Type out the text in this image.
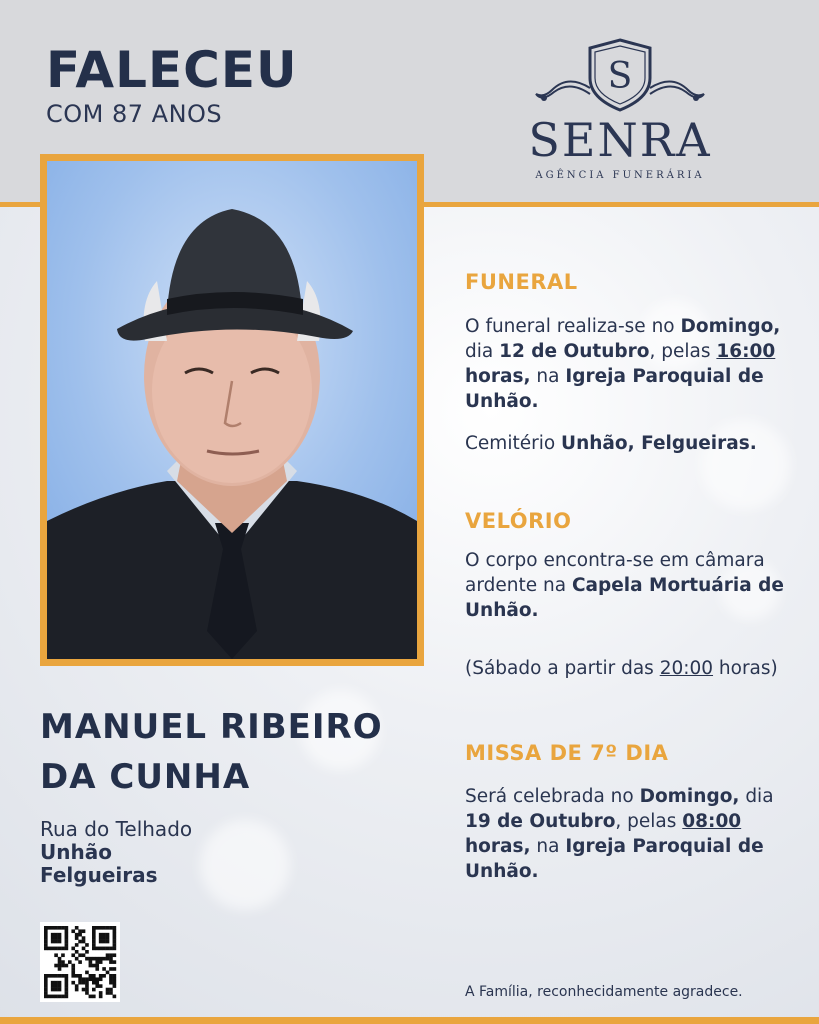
FALECEU
COM 87 ANOS
S
SENRA
AGÊNCIA FUNERÁRIA
MANUEL RIBEIRO
DA CUNHA
Rua do Telhado
Unhão
Felgueiras
FUNERAL
O funeral realiza-se no Domingo, dia 12 de Outubro, pelas 16:00 horas, na Igreja Paroquial de Unhão.
Cemitério Unhão, Felgueiras.
VELÓRIO
O corpo encontra-se em câmara ardente na Capela Mortuária de Unhão.
(Sábado a partir das 20:00 horas)
MISSA DE 7º DIA
Será celebrada no Domingo, dia 19 de Outubro, pelas 08:00 horas, na Igreja Paroquial de Unhão.
A Família, reconhecidamente agradece.
